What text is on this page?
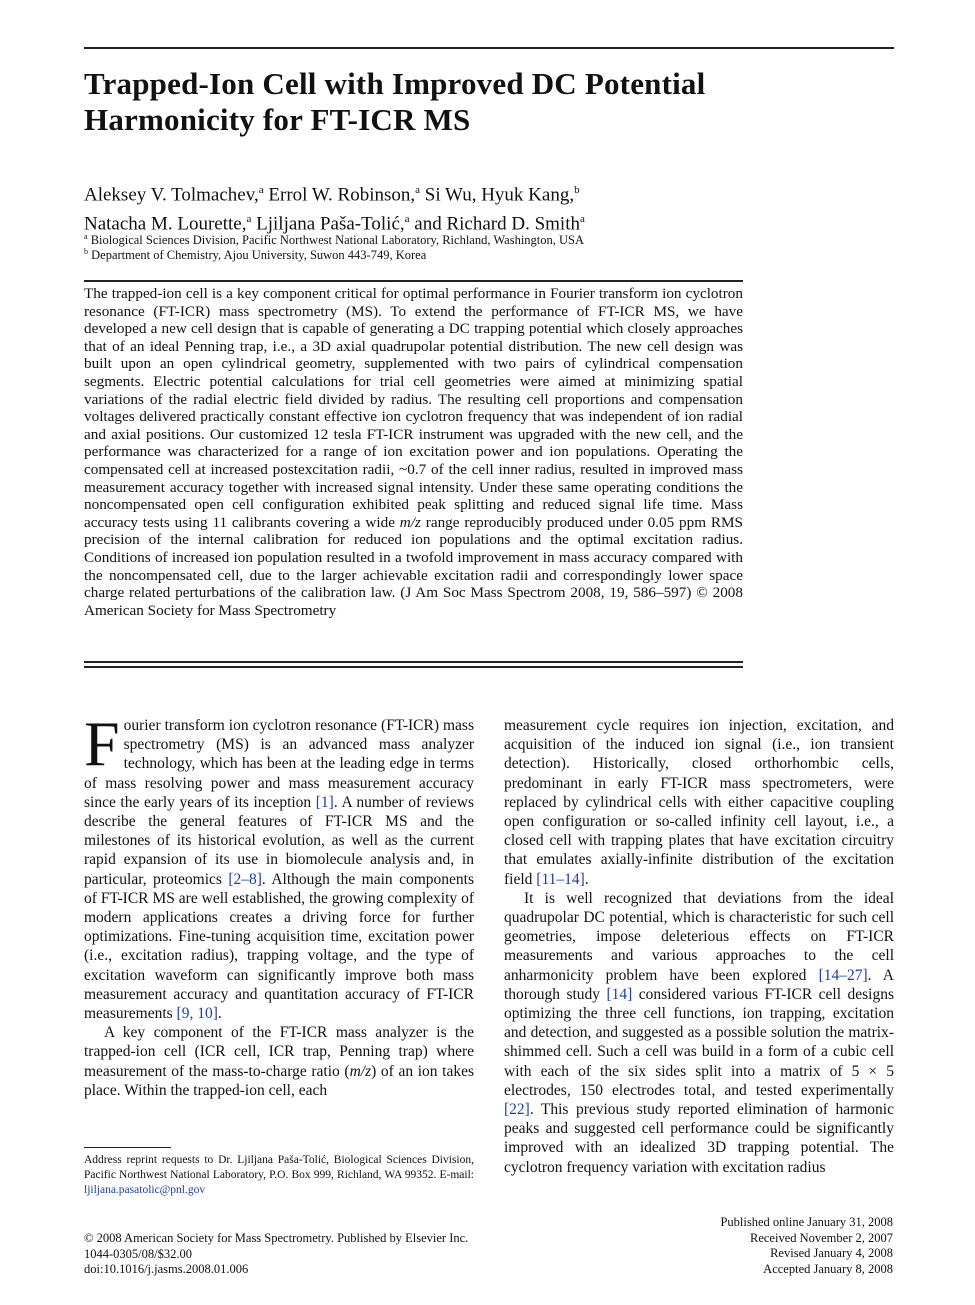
Trapped-Ion Cell with Improved DC Potential
Harmonicity for FT-ICR MS
Aleksey V. Tolmachev,$^a$ Errol W. Robinson,$^a$ Si Wu, Hyuk Kang,$^b$
Natacha M. Lourette,$^a$ Ljiljana Paša-Tolić,$^a$ and Richard D. Smith$^a$
$^a$ Biological Sciences Division, Pacific Northwest National Laboratory, Richland, Washington, USA
$^b$ Department of Chemistry, Ajou University, Suwon 443-749, Korea
The trapped-ion cell is a key component critical for optimal performance in Fourier transform ion cyclotron resonance (FT-ICR) mass spectrometry (MS). To extend the performance of FT-ICR MS, we have developed a new cell design that is capable of generating a DC trapping potential which closely approaches that of an ideal Penning trap, i.e., a 3D axial quadrupolar potential distribution. The new cell design was built upon an open cylindrical geometry, supplemented with two pairs of cylindrical compensation segments. Electric potential calculations for trial cell geometries were aimed at minimizing spatial variations of the radial electric field divided by radius. The resulting cell proportions and compensation voltages delivered practically constant effective ion cyclotron frequency that was independent of ion radial and axial positions. Our customized 12 tesla FT-ICR instrument was upgraded with the new cell, and the performance was characterized for a range of ion excitation power and ion populations. Operating the compensated cell at increased postexcitation radii, ~0.7 of the cell inner radius, resulted in improved mass measurement accuracy together with increased signal intensity. Under these same operating conditions the noncompensated open cell configuration exhibited peak splitting and reduced signal life time. Mass accuracy tests using 11 calibrants covering a wide m/z range reproducibly produced under 0.05 ppm RMS precision of the internal calibration for reduced ion populations and the optimal excitation radius. Conditions of increased ion population resulted in a twofold improvement in mass accuracy compared with the noncompensated cell, due to the larger achievable excitation radii and correspondingly lower space charge related perturbations of the calibration law. (J Am Soc Mass Spectrom 2008, 19, 586–597) © 2008 American Society for Mass Spectrometry

Fourier transform ion cyclotron resonance (FT-ICR) mass spectrometry (MS) is an advanced mass analyzer technology, which has been at the leading edge in terms of mass resolving power and mass measurement accuracy since the early years of its inception [1]. A number of reviews describe the general features of FT-ICR MS and the milestones of its historical evolution, as well as the current rapid expansion of its use in biomolecule analysis and, in particular, proteomics [2–8]. Although the main components of FT-ICR MS are well established, the growing complexity of modern applications creates a driving force for further optimizations. Fine-tuning acquisition time, excitation power (i.e., excitation radius), trapping voltage, and the type of excitation waveform can significantly improve both mass measurement accuracy and quantitation accuracy of FT-ICR measurements [9, 10].

A key component of the FT-ICR mass analyzer is the trapped-ion cell (ICR cell, ICR trap, Penning trap) where measurement of the mass-to-charge ratio (m/z) of an ion takes place. Within the trapped-ion cell, each

measurement cycle requires ion injection, excitation, and acquisition of the induced ion signal (i.e., ion transient detection). Historically, closed orthorhombic cells, predominant in early FT-ICR mass spectrometers, were replaced by cylindrical cells with either capacitive coupling open configuration or so-called infinity cell layout, i.e., a closed cell with trapping plates that have excitation circuitry that emulates axially-infinite distribution of the excitation field [11–14].

It is well recognized that deviations from the ideal quadrupolar DC potential, which is characteristic for such cell geometries, impose deleterious effects on FT-ICR measurements and various approaches to the cell anharmonicity problem have been explored [14–27]. A thorough study [14] considered various FT-ICR cell designs optimizing the three cell functions, ion trapping, excitation and detection, and suggested as a possible solution the matrix-shimmed cell. Such a cell was build in a form of a cubic cell with each of the six sides split into a matrix of 5 × 5 electrodes, 150 electrodes total, and tested experimentally [22]. This previous study reported elimination of harmonic peaks and suggested cell performance could be significantly improved with an idealized 3D trapping potential. The cyclotron frequency variation with excitation radius

Address reprint requests to Dr. Ljiljana Paša-Tolić, Biological Sciences Division, Pacific Northwest National Laboratory, P.O. Box 999, Richland, WA 99352. E-mail: ljiljana.pasatolic@pnl.gov
© 2008 American Society for Mass Spectrometry. Published by Elsevier Inc.
1044-0305/08/$32.00
doi:10.1016/j.jasms.2008.01.006
Published online January 31, 2008
Received November 2, 2007
Revised January 4, 2008
Accepted January 8, 2008
